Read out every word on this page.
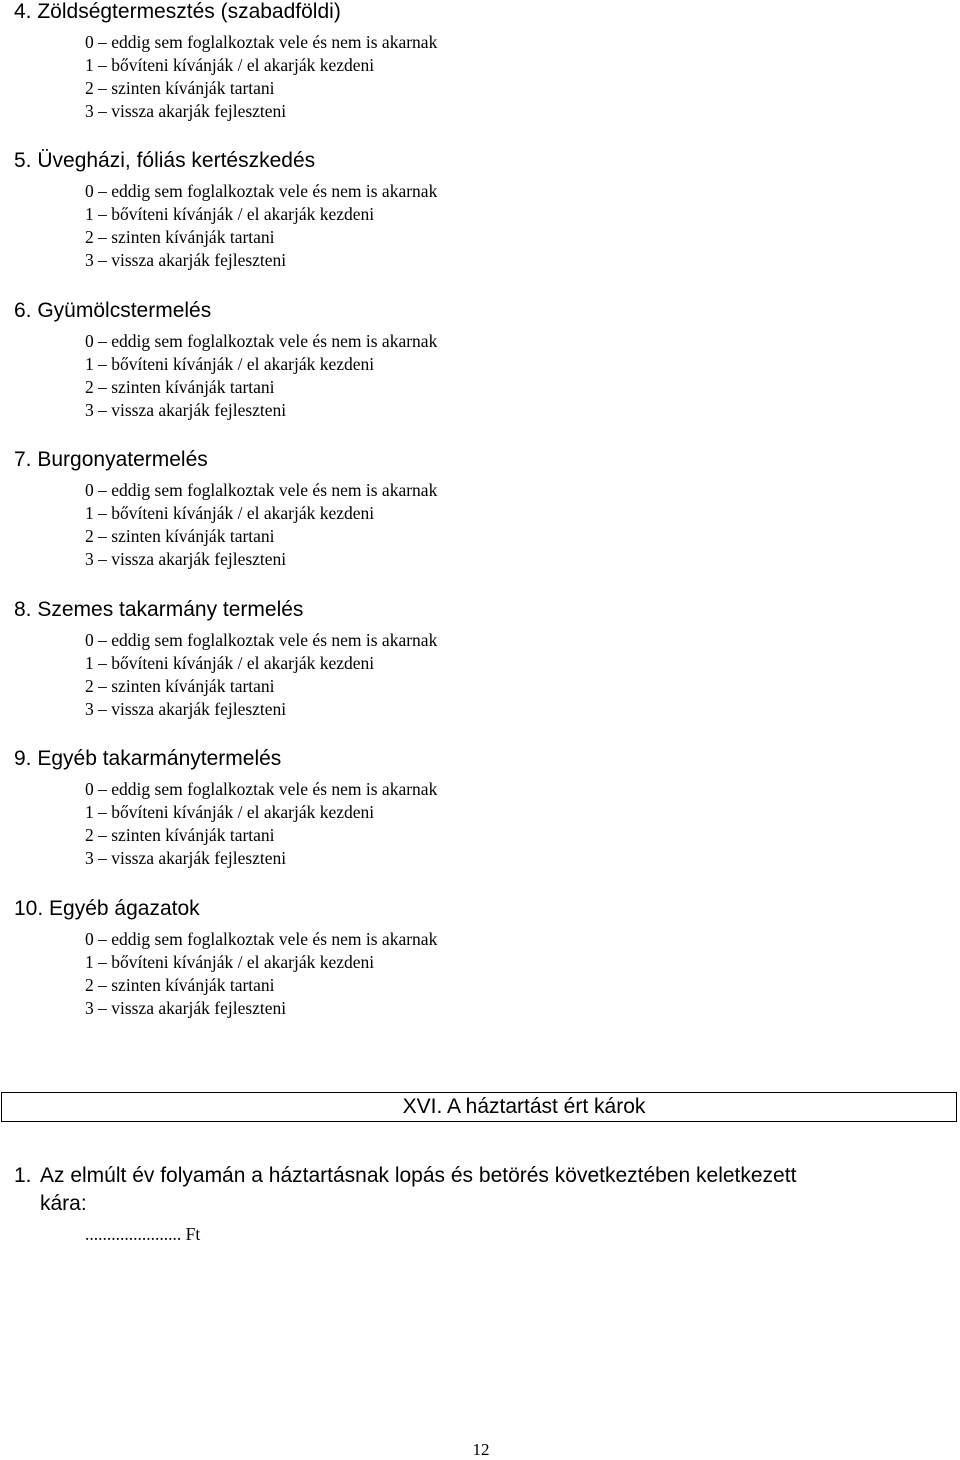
4. Zöldségtermesztés (szabadföldi)
0 – eddig sem foglalkoztak vele és nem is akarnak
1 – bővíteni kívánják / el akarják kezdeni
2 – szinten kívánják tartani
3 – vissza akarják fejleszteni
5. Üvegházi, fóliás kertészkedés
0 – eddig sem foglalkoztak vele és nem is akarnak
1 – bővíteni kívánják / el akarják kezdeni
2 – szinten kívánják tartani
3 – vissza akarják fejleszteni
6. Gyümölcstermelés
0 – eddig sem foglalkoztak vele és nem is akarnak
1 – bővíteni kívánják / el akarják kezdeni
2 – szinten kívánják tartani
3 – vissza akarják fejleszteni
7. Burgonyatermelés
0 – eddig sem foglalkoztak vele és nem is akarnak
1 – bővíteni kívánják / el akarják kezdeni
2 – szinten kívánják tartani
3 – vissza akarják fejleszteni
8. Szemes takarmány termelés
0 – eddig sem foglalkoztak vele és nem is akarnak
1 – bővíteni kívánják / el akarják kezdeni
2 – szinten kívánják tartani
3 – vissza akarják fejleszteni
9. Egyéb takarmánytermelés
0 – eddig sem foglalkoztak vele és nem is akarnak
1 – bővíteni kívánják / el akarják kezdeni
2 – szinten kívánják tartani
3 – vissza akarják fejleszteni
10. Egyéb ágazatok
0 – eddig sem foglalkoztak vele és nem is akarnak
1 – bővíteni kívánják / el akarják kezdeni
2 – szinten kívánják tartani
3 – vissza akarják fejleszteni
XVI. A háztartást ért károk
1. Az elmúlt év folyamán a háztartásnak lopás és betörés következtében keletkezett
kára:
...................... Ft
12
